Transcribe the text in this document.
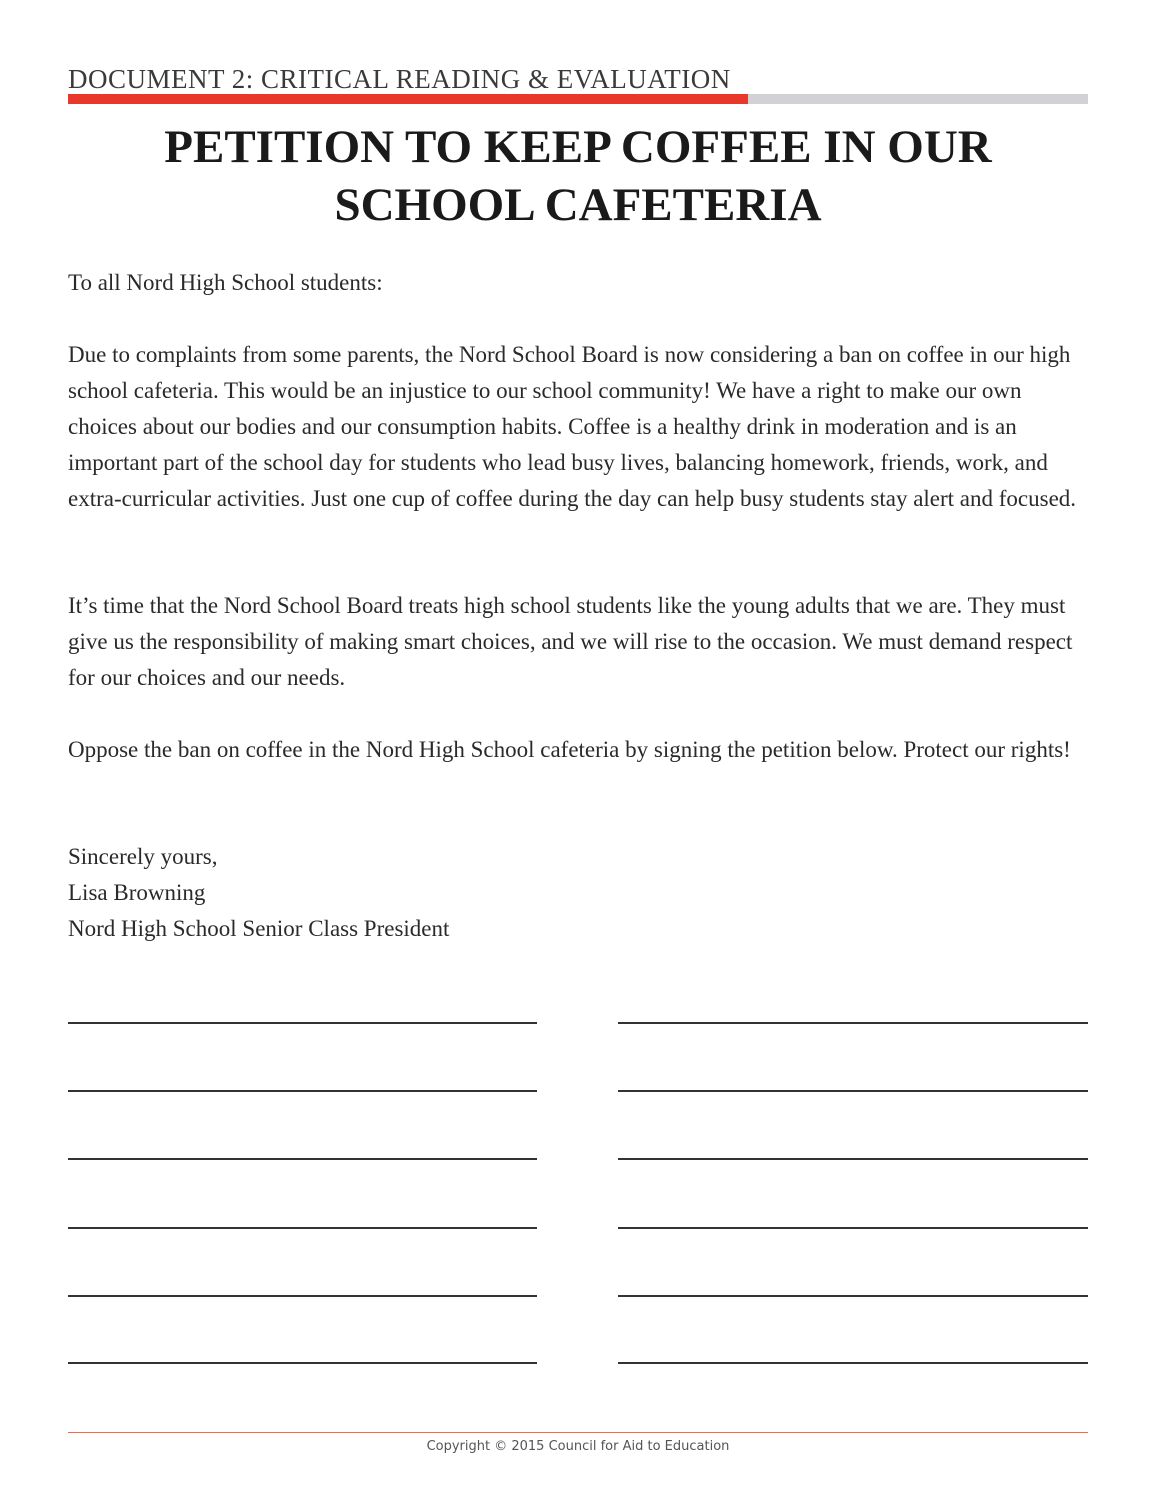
DOCUMENT 2: CRITICAL READING & EVALUATION
PETITION TO KEEP COFFEE IN OUR
SCHOOL CAFETERIA

To all Nord High School students:

Due to complaints from some parents, the Nord School Board is now considering a ban on coffee in our high school cafeteria. This would be an injustice to our school community! We have a right to make our own choices about our bodies and our consumption habits. Coffee is a healthy drink in moderation and is an important part of the school day for students who lead busy lives, balancing homework, friends, work, and extra-curricular activities. Just one cup of coffee during the day can help busy students stay alert and focused.

It’s time that the Nord School Board treats high school students like the young adults that we are. They must give us the responsibility of making smart choices, and we will rise to the occasion. We must demand respect for our choices and our needs.

Oppose the ban on coffee in the Nord High School cafeteria by signing the petition below. Protect our rights!

Sincerely yours,

Lisa Browning

Nord High School Senior Class President

Copyright © 2015 Council for Aid to Education
